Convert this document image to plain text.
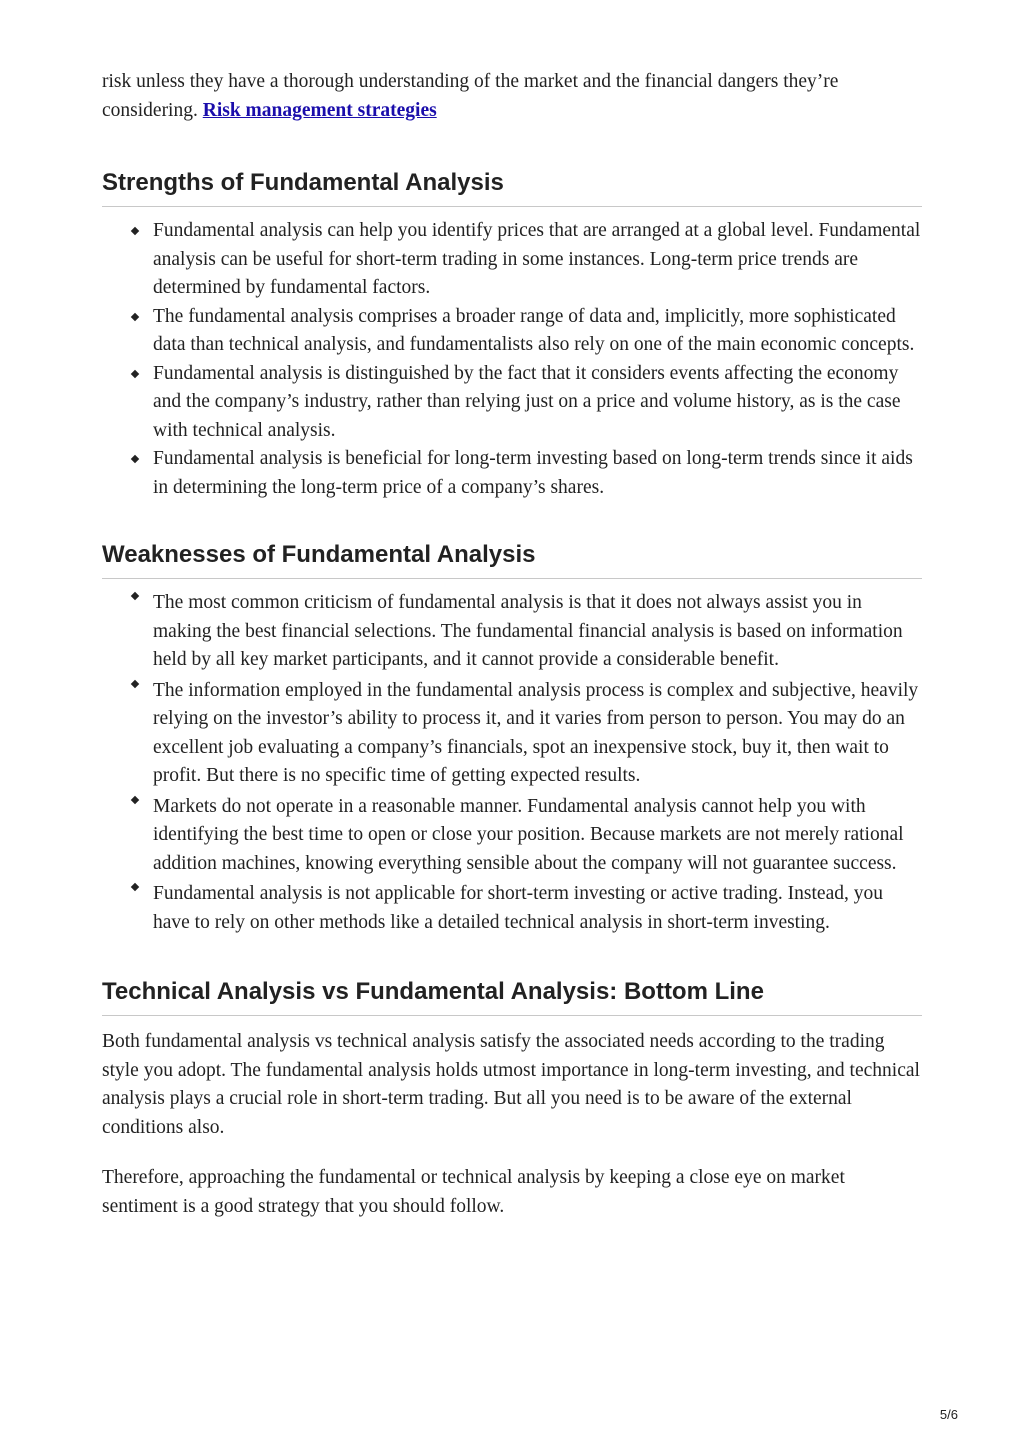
risk unless they have a thorough understanding of the market and the financial dangers they’re considering. Risk management strategies

Strengths of Fundamental Analysis
Fundamental analysis can help you identify prices that are arranged at a global level. Fundamental analysis can be useful for short-term trading in some instances. Long-term price trends are determined by fundamental factors.
The fundamental analysis comprises a broader range of data and, implicitly, more sophisticated data than technical analysis, and fundamentalists also rely on one of the main economic concepts.
Fundamental analysis is distinguished by the fact that it considers events affecting the economy and the company’s industry, rather than relying just on a price and volume history, as is the case with technical analysis.
Fundamental analysis is beneficial for long-term investing based on long-term trends since it aids in determining the long-term price of a company’s shares.
Weaknesses of Fundamental Analysis
The most common criticism of fundamental analysis is that it does not always assist you in making the best financial selections. The fundamental financial analysis is based on information held by all key market participants, and it cannot provide a considerable benefit.
The information employed in the fundamental analysis process is complex and subjective, heavily relying on the investor’s ability to process it, and it varies from person to person. You may do an excellent job evaluating a company’s financials, spot an inexpensive stock, buy it, then wait to profit. But there is no specific time of getting expected results.
Markets do not operate in a reasonable manner. Fundamental analysis cannot help you with identifying the best time to open or close your position. Because markets are not merely rational addition machines, knowing everything sensible about the company will not guarantee success.
Fundamental analysis is not applicable for short-term investing or active trading. Instead, you have to rely on other methods like a detailed technical analysis in short-term investing.
Technical Analysis vs Fundamental Analysis: Bottom Line

Both fundamental analysis vs technical analysis satisfy the associated needs according to the trading style you adopt. The fundamental analysis holds utmost importance in long-term investing, and technical analysis plays a crucial role in short-term trading. But all you need is to be aware of the external conditions also.

Therefore, approaching the fundamental or technical analysis by keeping a close eye on market sentiment is a good strategy that you should follow.

5/6
